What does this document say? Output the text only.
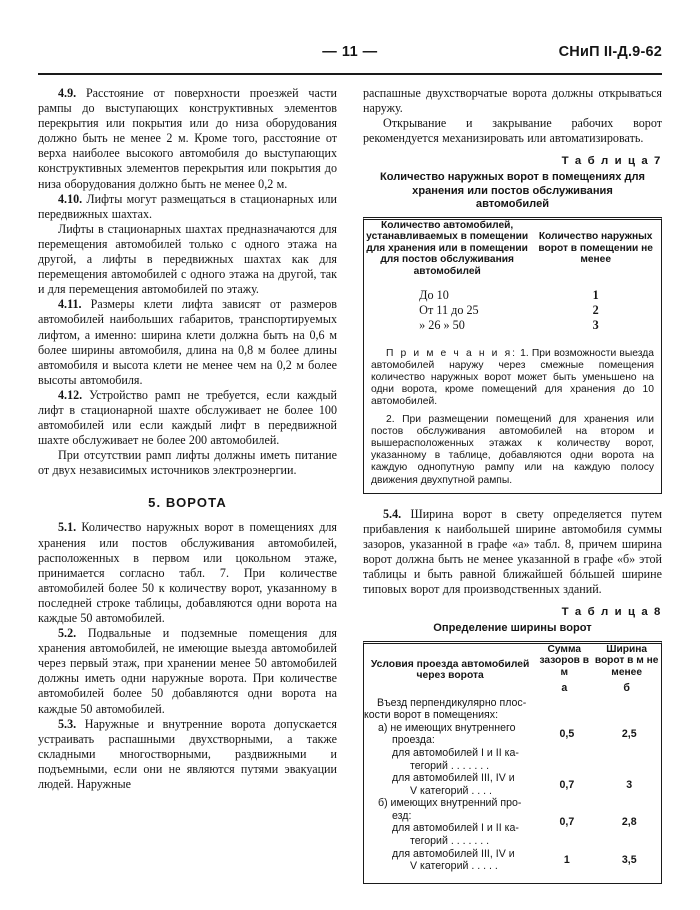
— 11 —	СНиП II-Д.9-62

4.9. Расстояние от поверхности проезжей части рампы до выступающих конструктивных элементов перекрытия или покрытия или до низа оборудования должно быть не менее 2 м. Кроме того, расстояние от верха наиболее высокого автомобиля до выступающих конструктивных элементов перекрытия или покрытия до низа оборудования должно быть не менее 0,2 м.

4.10. Лифты могут размещаться в стационарных или передвижных шахтах.

Лифты в стационарных шахтах предназначаются для перемещения автомобилей только с одного этажа на другой, а лифты в передвижных шахтах как для перемещения автомобилей с одного этажа на другой, так и для перемещения автомобилей по этажу.

4.11. Размеры клети лифта зависят от размеров автомобилей наибольших габаритов, транспортируемых лифтом, а именно: ширина клети должна быть на 0,6 м более ширины автомобиля, длина на 0,8 м более длины автомобиля и высота клети не менее чем на 0,2 м более высоты автомобиля.

4.12. Устройство рамп не требуется, если каждый лифт в стационарной шахте обслуживает не более 100 автомобилей или если каждый лифт в передвижной шахте обслуживает не более 200 автомобилей.

При отсутствии рамп лифты должны иметь питание от двух независимых источников электроэнергии.

5. ВОРОТА

5.1. Количество наружных ворот в помещениях для хранения или постов обслуживания автомобилей, расположенных в первом или цокольном этаже, принимается согласно табл. 7. При количестве автомобилей более 50 к количеству ворот, указанному в последней строке таблицы, добавляются одни ворота на каждые 50 автомобилей.

5.2. Подвальные и подземные помещения для хранения автомобилей, не имеющие выезда автомобилей через первый этаж, при хранении менее 50 автомобилей должны иметь одни наружные ворота. При количестве автомобилей более 50 добавляются одни ворота на каждые 50 автомобилей.

5.3. Наружные и внутренние ворота допускается устраивать распашными двухстворными, а также складными многостворными, раздвижными и подъемными, если они не являются путями эвакуации людей. Наружные

распашные двухстворчатые ворота должны открываться наружу.

Открывание и закрывание рабочих ворот рекомендуется механизировать или автоматизировать.

Т а б л и ц а 7
Количество наружных ворот в помещениях для хранения или постов обслуживания автомобилей
Количество автомобилей, устанавливаемых в помещении для хранения или в помещении для постов обслуживания автомобилей	Количество наружных ворот в помещении не менее
До 10	1
От 11 до 25	2
» 26 » 50	3

П р и м е ч а н и я: 1. При возможности выезда автомобилей наружу через смежные помещения количество наружных ворот может быть уменьшено на одни ворота, кроме помещений для хранения до 10 автомобилей.

2. При размещении помещений для хранения или постов обслуживания автомобилей на втором и вышерасположенных этажах к количеству ворот, указанному в таблице, добавляются одни ворота на каждую однопутную рампу или на каждую полосу движения двухпутной рампы.

5.4. Ширина ворот в свету определяется путем прибавления к наибольшей ширине автомобиля суммы зазоров, указанной в графе «а» табл. 8, причем ширина ворот должна быть не менее указанной в графе «б» этой таблицы и быть равной ближайшей бóльшей ширине типовых ворот для производственных зданий.

Т а б л и ц а 8
Определение ширины ворот
Условия проезда автомобилей через ворота	Сумма зазоров в м	Ширина ворот в м не менее
	а	б
Въезд перпендикулярно плос-
кости ворот в помещениях:
а) не имеющих внутреннего
проезда:
для автомобилей I и II ка-
тегорий . . . . . . .
	0,5	2,5

для автомобилей III, IV и
V категорий . . . .	0,7	3

б) имеющих внутренний про-
езд:
для автомобилей I и II ка-
тегорий . . . . . . .	0,7	2,8

для автомобилей III, IV и
V категорий . . . . .	1	3,5
